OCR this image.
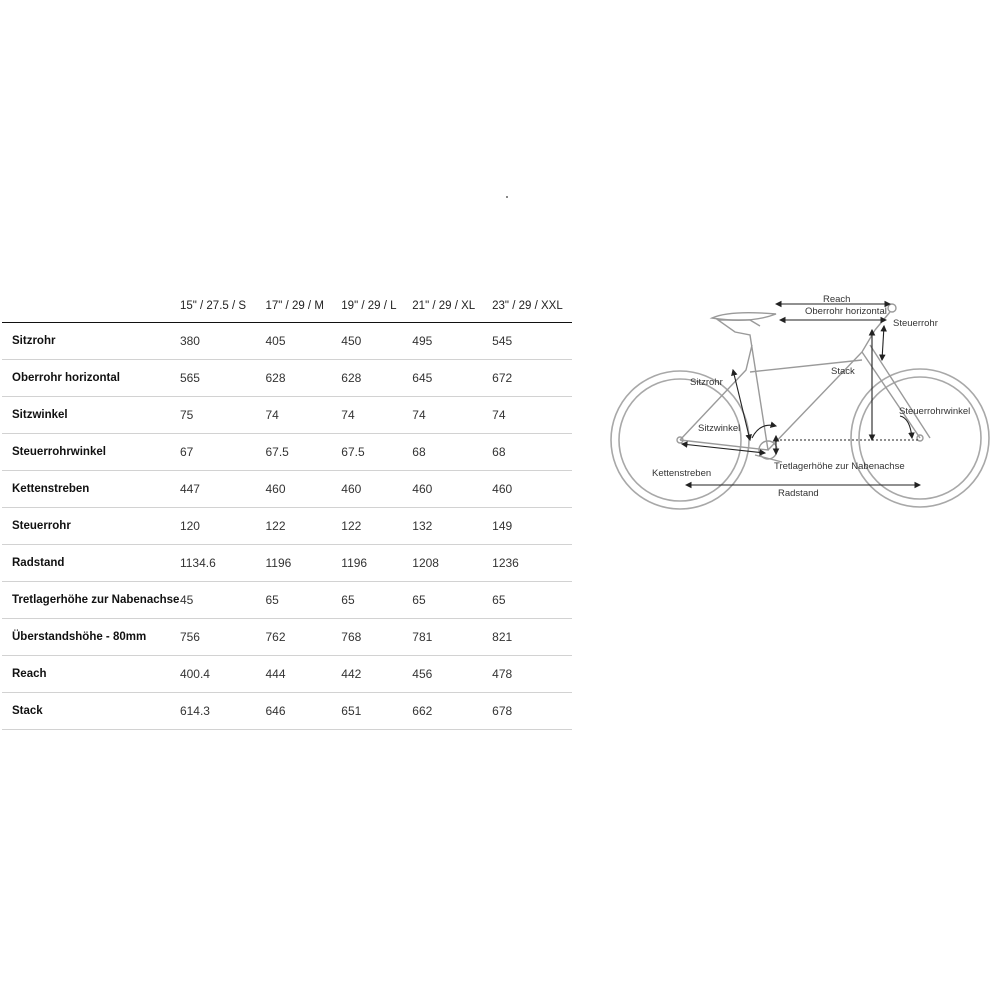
	15" / 27.5 / S	17" / 29 / M	19" / 29 / L	21" / 29 / XL	23" / 29 / XXL
Sitzrohr	380	405	450	495	545
Oberrohr horizontal	565	628	628	645	672
Sitzwinkel	75	74	74	74	74
Steuerrohrwinkel	67	67.5	67.5	68	68
Kettenstreben	447	460	460	460	460
Steuerrohr	120	122	122	132	149
Radstand	1134.6	1196	1196	1208	1236
Tretlagerhöhe zur Nabenachse	45	65	65	65	65
Überstandshöhe - 80mm	756	762	768	781	821
Reach	400.4	444	442	456	478
Stack	614.3	646	651	662	678
Reach
Oberrohr horizontal
Steuerrohr
Stack
Sitzrohr
Steuerrohrwinkel
Sitzwinkel
Tretlagerhöhe zur Nabenachse
Kettenstreben
Radstand
